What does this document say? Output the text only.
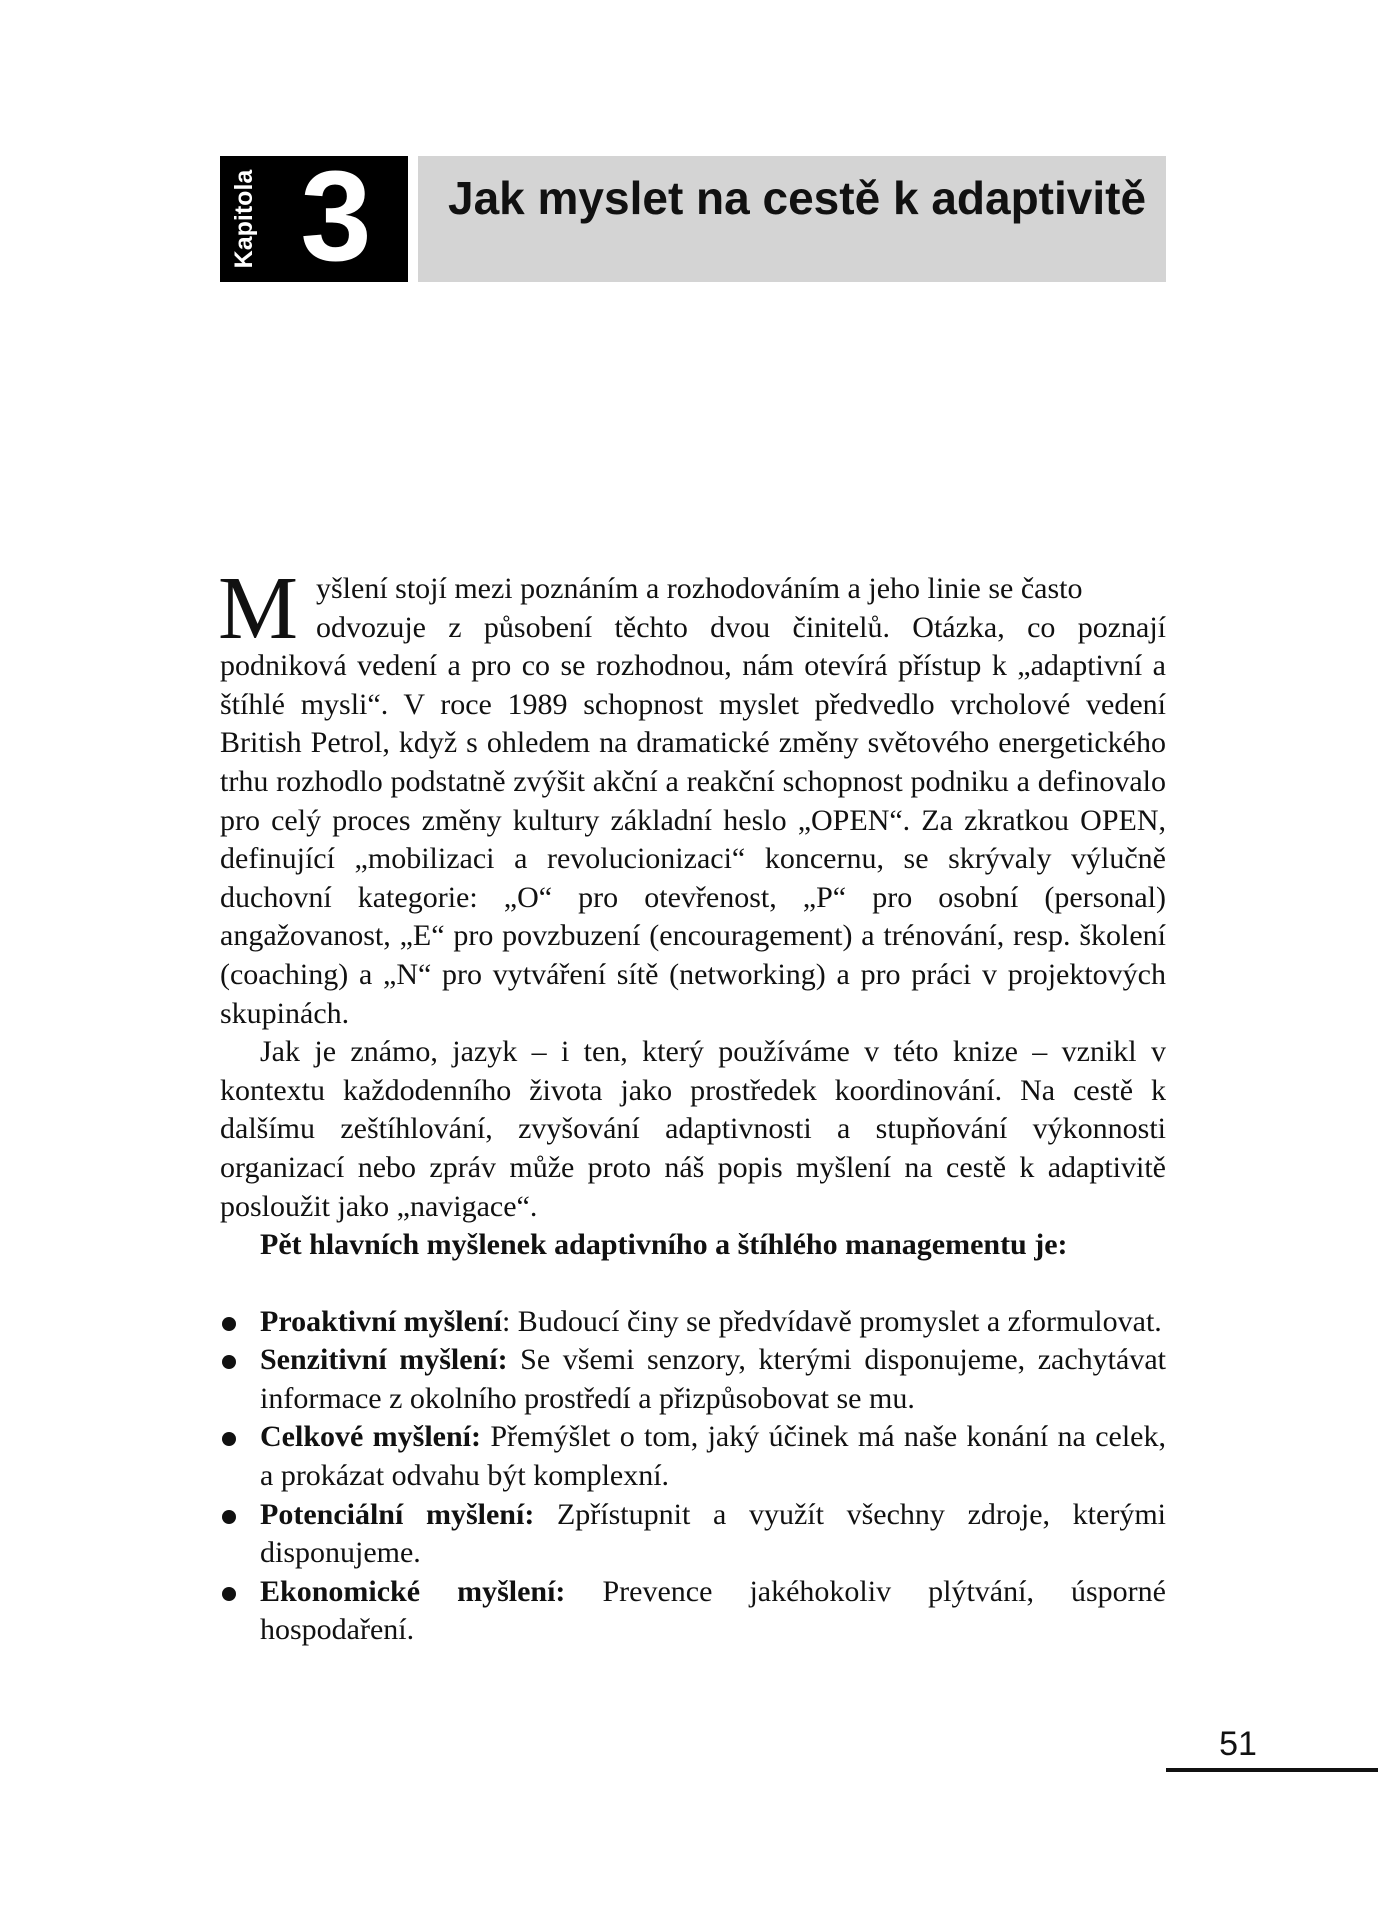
Kapitola 3	Jak myslet na cestě k adaptivitě

M yšlení stojí mezi poznáním a rozhodováním a jeho linie se často
odvozuje z působení těchto dvou činitelů. Otázka, co poznají podniková vedení a pro co se rozhodnou, nám otevírá přístup k „adaptivní a štíhlé mysli“. V roce 1989 schopnost myslet předvedlo vrcholové vedení British Petrol, když s ohledem na dramatické změny světového energetického trhu rozhodlo podstatně zvýšit akční a reakční schopnost podniku a definovalo pro celý proces změny kultury základní heslo „OPEN“. Za zkratkou OPEN, definující „mobilizaci a revolucionizaci“ koncernu, se skrývaly výlučně duchovní kategorie: „O“ pro otevřenost, „P“ pro osobní (personal) angažovanost, „E“ pro povzbuzení (encouragement) a trénování, resp. školení (coaching) a „N“ pro vytváření sítě (networking) a pro práci v projektových skupinách.

Jak je známo, jazyk – i ten, který používáme v této knize – vznikl v kontextu každodenního života jako prostředek koordinování. Na cestě k dalšímu zeštíhlování, zvyšování adaptivnosti a stupňování výkonnosti organizací nebo zpráv může proto náš popis myšlení na cestě k adaptivitě posloužit jako „navigace“.

Pět hlavních myšlenek adaptivního a štíhlého managementu je:

Proaktivní myšlení: Budoucí činy se předvídavě promyslet a zformulovat.
Senzitivní myšlení: Se všemi senzory, kterými disponujeme, zachytávat informace z okolního prostředí a přizpůsobovat se mu.
Celkové myšlení: Přemýšlet o tom, jaký účinek má naše konání na celek, a prokázat odvahu být komplexní.
Potenciální myšlení: Zpřístupnit a využít všechny zdroje, kterými disponujeme.
Ekonomické myšlení: Prevence jakéhokoliv plýtvání, úsporné hospodaření.
51
